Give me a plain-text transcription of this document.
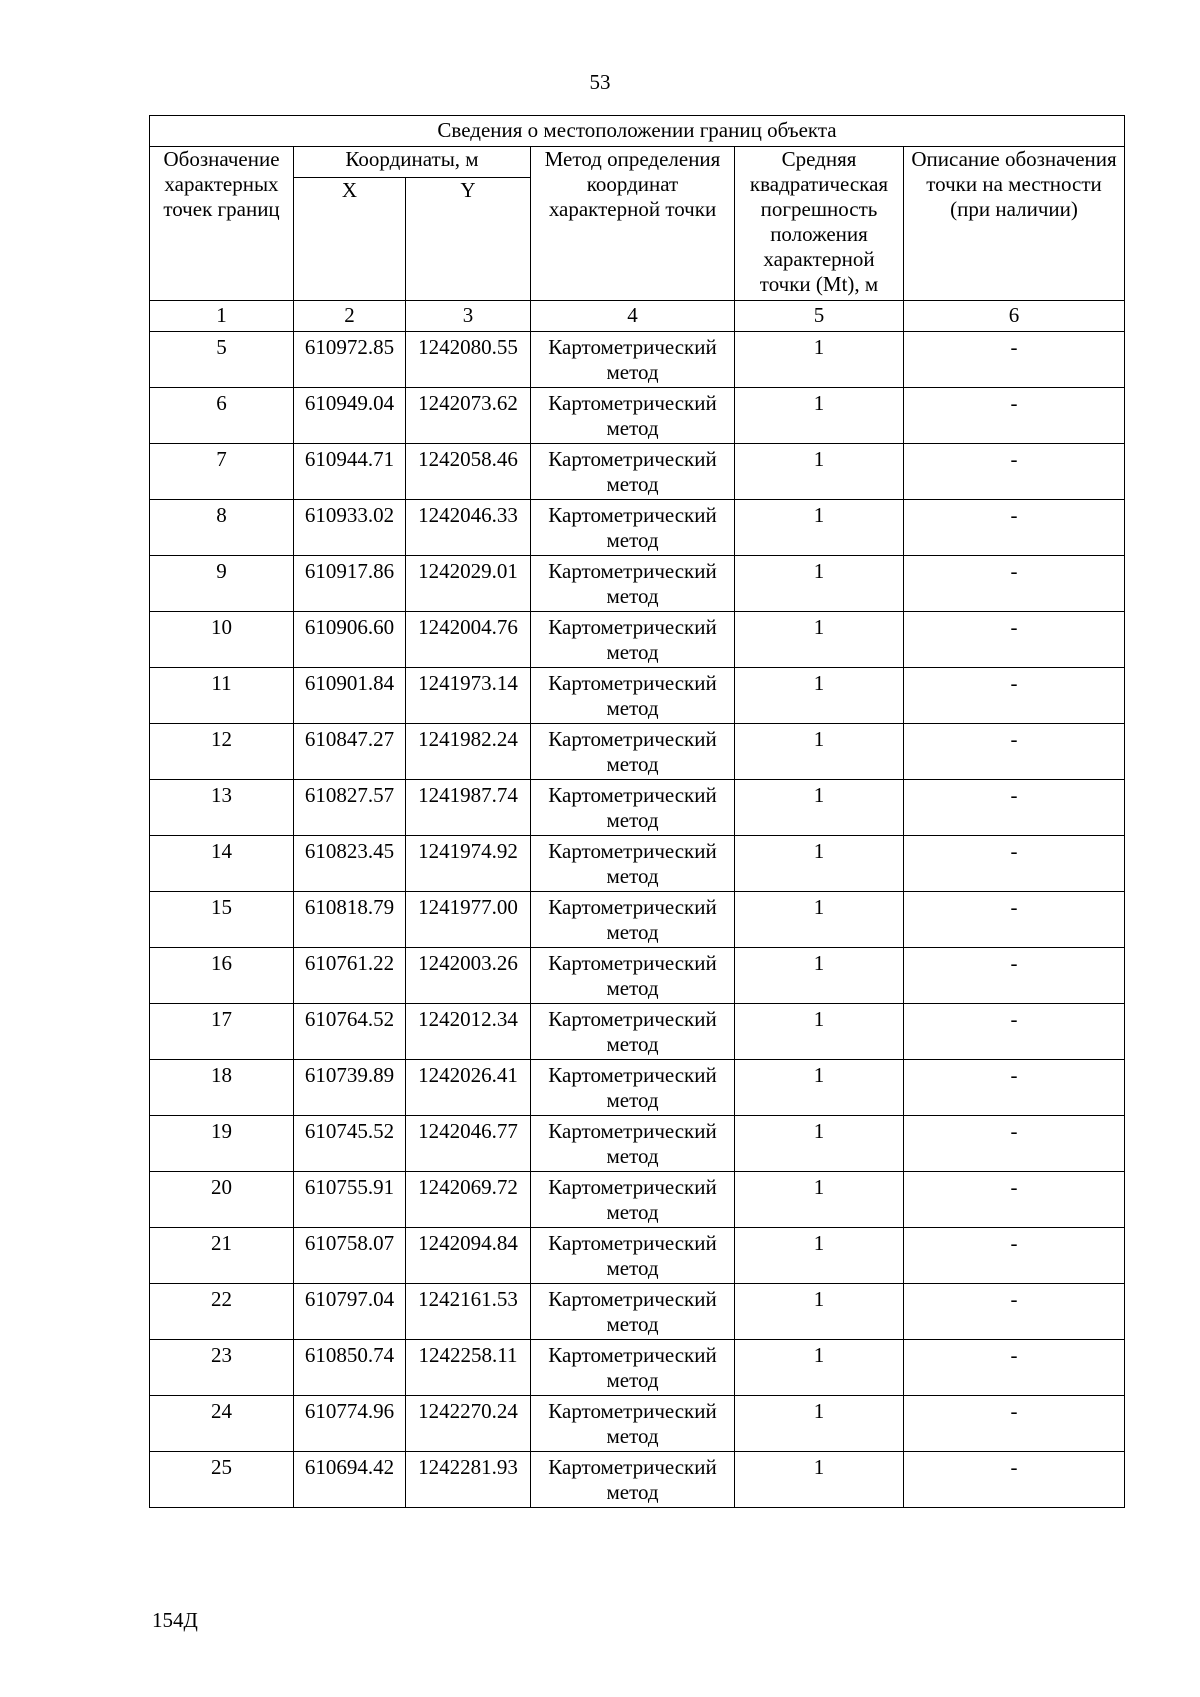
53
Сведения о местоположении границ объекта					
Обозначение характерных точек границ	Координаты, м		Метод определения координат характерной точки	Средняя квадратическая погрешность положения характерной точки (Mt), м	Описание обозначения точки на местности (при наличии)
	X	Y			
1	2	3	4	5	6
5	610972.85	1242080.55	Картометрический метод	1	-
6	610949.04	1242073.62	Картометрический метод	1	-
7	610944.71	1242058.46	Картометрический метод	1	-
8	610933.02	1242046.33	Картометрический метод	1	-
9	610917.86	1242029.01	Картометрический метод	1	-
10	610906.60	1242004.76	Картометрический метод	1	-
11	610901.84	1241973.14	Картометрический метод	1	-
12	610847.27	1241982.24	Картометрический метод	1	-
13	610827.57	1241987.74	Картометрический метод	1	-
14	610823.45	1241974.92	Картометрический метод	1	-
15	610818.79	1241977.00	Картометрический метод	1	-
16	610761.22	1242003.26	Картометрический метод	1	-
17	610764.52	1242012.34	Картометрический метод	1	-
18	610739.89	1242026.41	Картометрический метод	1	-
19	610745.52	1242046.77	Картометрический метод	1	-
20	610755.91	1242069.72	Картометрический метод	1	-
21	610758.07	1242094.84	Картометрический метод	1	-
22	610797.04	1242161.53	Картометрический метод	1	-
23	610850.74	1242258.11	Картометрический метод	1	-
24	610774.96	1242270.24	Картометрический метод	1	-
25	610694.42	1242281.93	Картометрический метод	1	-
154Д
